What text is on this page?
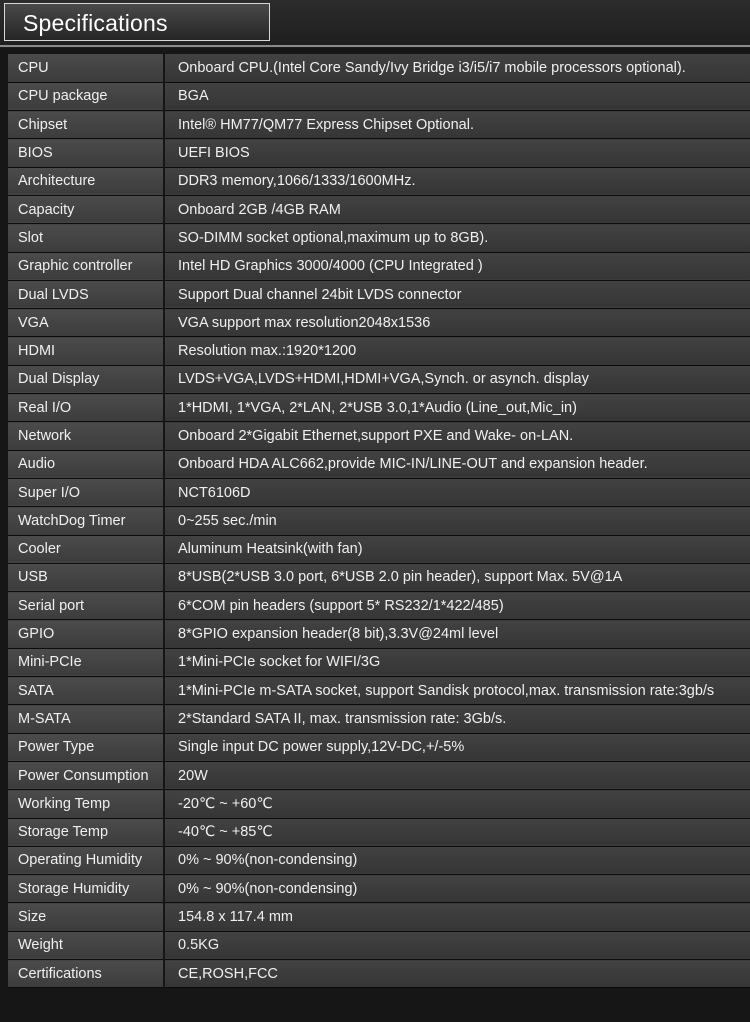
Specifications
CPU	Onboard CPU.(Intel Core Sandy/Ivy Bridge i3/i5/i7 mobile processors optional).
CPU package	BGA
Chipset	Intel® HM77/QM77 Express Chipset Optional.
BIOS	UEFI BIOS
Architecture	DDR3 memory,1066/1333/1600MHz.
Capacity	Onboard 2GB /4GB RAM
Slot	SO-DIMM socket optional,maximum up to 8GB).
Graphic controller	Intel HD Graphics 3000/4000 (CPU Integrated )
Dual LVDS	Support Dual channel 24bit LVDS connector
VGA	VGA support max resolution2048x1536
HDMI	Resolution max.:1920*1200
Dual Display	LVDS+VGA,LVDS+HDMI,HDMI+VGA,Synch. or asynch. display
Real I/O	1*HDMI, 1*VGA, 2*LAN, 2*USB 3.0,1*Audio (Line_out,Mic_in)
Network	Onboard 2*Gigabit Ethernet,support PXE and Wake- on-LAN.
Audio	Onboard HDA ALC662,provide MIC-IN/LINE-OUT and expansion header.
Super I/O	NCT6106D
WatchDog Timer	0~255 sec./min
Cooler	Aluminum Heatsink(with fan)
USB	8*USB(2*USB 3.0 port, 6*USB 2.0 pin header), support Max. 5V@1A
Serial port	6*COM pin headers (support 5* RS232/1*422/485)
GPIO	8*GPIO expansion header(8 bit),3.3V@24ml level
Mini-PCIe	1*Mini-PCIe socket for WIFI/3G
SATA	1*Mini-PCIe m-SATA socket, support Sandisk protocol,max. transmission rate:3gb/s
M-SATA	2*Standard SATA II, max. transmission rate: 3Gb/s.
Power Type	Single input DC power supply,12V-DC,+/-5%
Power Consumption	20W
Working Temp	-20℃ ~ +60℃
Storage Temp	-40℃ ~ +85℃
Operating Humidity	0% ~ 90%(non-condensing)
Storage Humidity	0% ~ 90%(non-condensing)
Size	154.8 x 117.4 mm
Weight	0.5KG
Certifications	CE,ROSH,FCC
